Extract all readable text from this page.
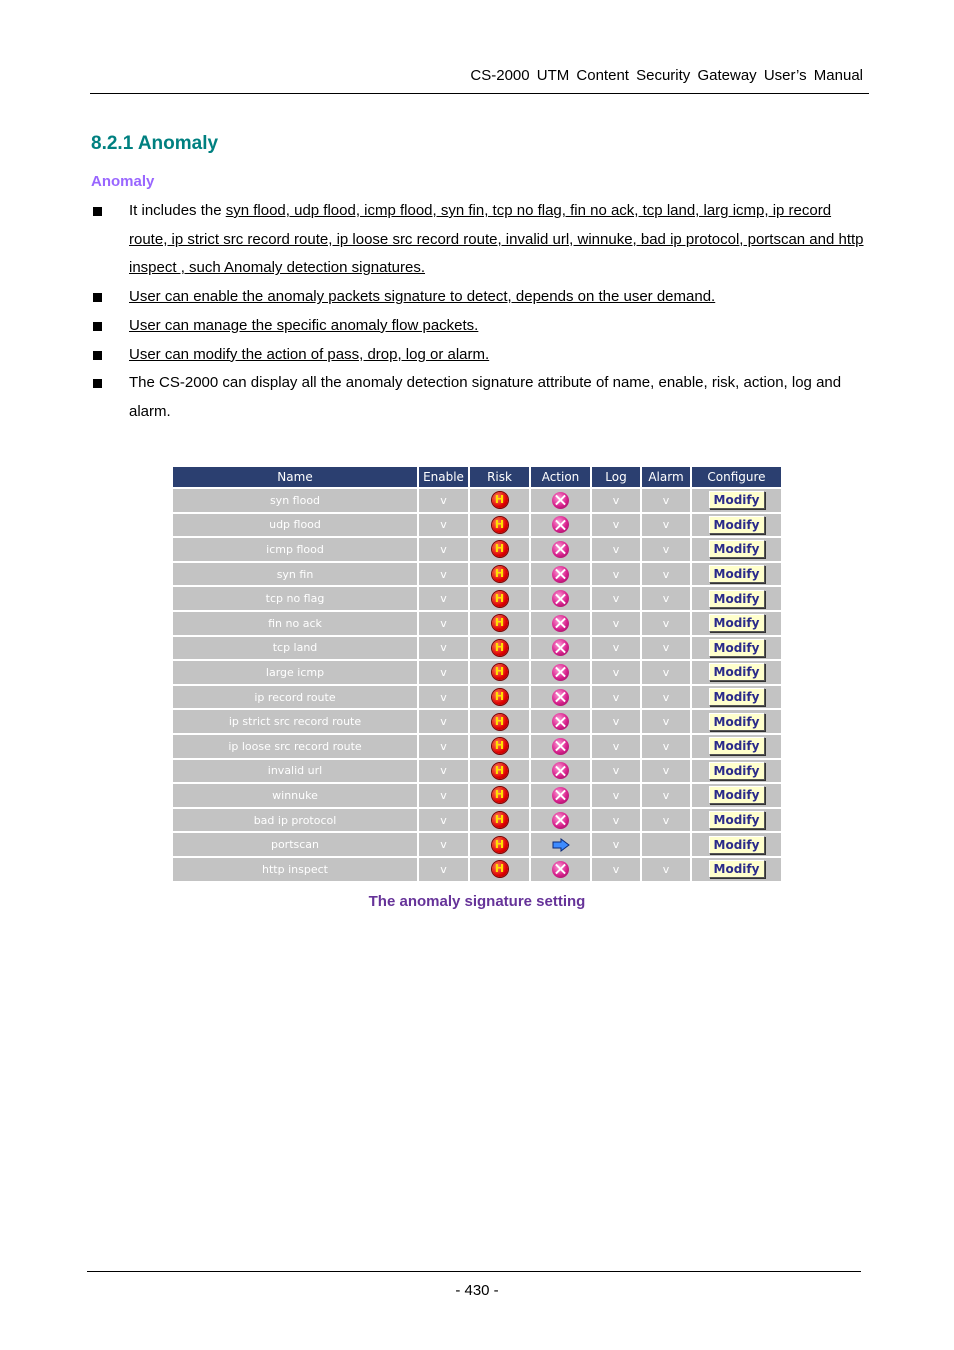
CS-2000 UTM Content Security Gateway User’s Manual
8.2.1 Anomaly
Anomaly
It includes the syn flood, udp flood, icmp flood, syn fin, tcp no flag, fin no ack, tcp land, larg icmp, ip record route, ip strict src record route, ip loose src record route, invalid url, winnuke, bad ip protocol, portscan and http inspect , such Anomaly detection signatures.
User can enable the anomaly packets signature to detect, depends on the user demand.
User can manage the specific anomaly flow packets.
User can modify the action of pass, drop, log or alarm.
The CS-2000 can display all the anomaly detection signature attribute of name, enable, risk, action, log and alarm.
Name	Enable	Risk	Action	Log	Alarm	Configure
syn flood	v	H		v	v	Modify
udp flood	v	H		v	v	Modify
icmp flood	v	H		v	v	Modify
syn fin	v	H		v	v	Modify
tcp no flag	v	H		v	v	Modify
fin no ack	v	H		v	v	Modify
tcp land	v	H		v	v	Modify
large icmp	v	H		v	v	Modify
ip record route	v	H		v	v	Modify
ip strict src record route	v	H		v	v	Modify
ip loose src record route	v	H		v	v	Modify
invalid url	v	H		v	v	Modify
winnuke	v	H		v	v	Modify
bad ip protocol	v	H		v	v	Modify
portscan	v	H		v		Modify
http inspect	v	H		v	v	Modify
The anomaly signature setting
- 430 -
